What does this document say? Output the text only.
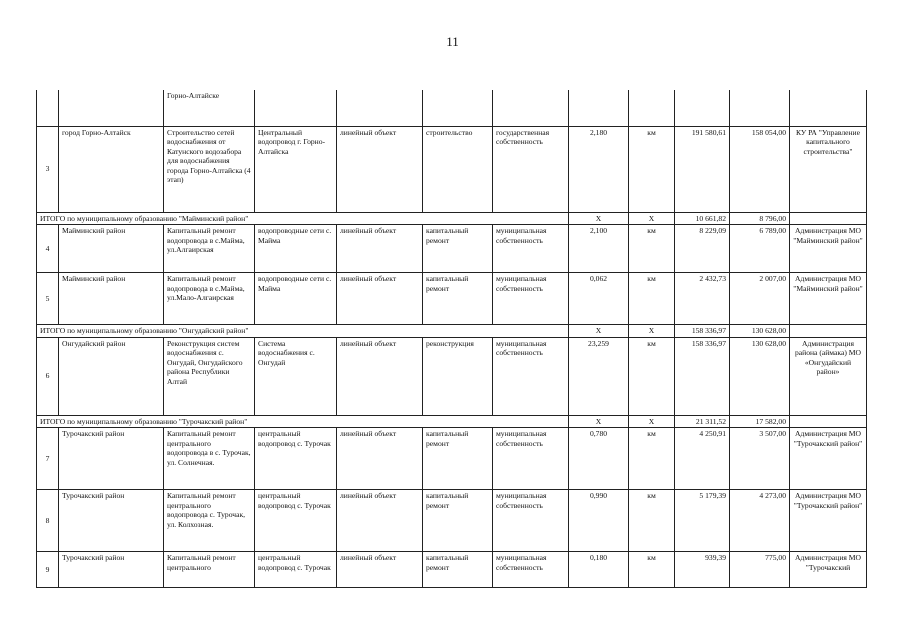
11
		Горно-Алтайске									
3	город Горно-Алтайск	Строительство сетей водоснабжения от Катунского водозабора для водоснабжения города Горно-Алтайска (4 этап)	Центральный водопровод г. Горно-Алтайска	линейный объект	строительство	государственная собственность	2,180	км	191 580,61	158 054,00	КУ РА "Управление капитального строительства"
ИТОГО по муниципальному образованию "Майминский район"							X	X	10 661,82	8 796,00	
4	Майминский район	Капитальный ремонт водопровода в с.Майма, ул.Алгаирская	водопроводные сети с. Майма	линейный объект	капитальный ремонт	муниципальная собственность	2,100	км	8 229,09	6 789,00	Администрация МО "Майминский район"
5	Майминский район	Капитальный ремонт водопровода в с.Майма, ул.Мало-Алгаирская	водопроводные сети с. Майма	линейный объект	капитальный ремонт	муниципальная собственность	0,062	км	2 432,73	2 007,00	Администрация МО "Майминский район"
ИТОГО по муниципальному образованию "Онгудайский район"							X	X	158 336,97	130 628,00	
6	Онгудайский район	Реконструкция систем водоснабжения с. Онгудай, Онгудайского района Республики Алтай	Система водоснабжения с. Онгудай	линейный объект	реконструкция	муниципальная собственность	23,259	км	158 336,97	130 628,00	Администрация района (аймака) МО «Онгудайский район»
ИТОГО по муниципальному образованию "Турочакский район"							X	X	21 311,52	17 582,00	
7	Турочакский район	Капитальный ремонт центрального водопровода в с. Турочак, ул. Солнечная.	центральный водопровод с. Турочак	линейный объект	капитальный ремонт	муниципальная собственность	0,780	км	4 250,91	3 507,00	Администрация МО "Турочакский район"
8	Турочакский район	Капитальный ремонт центрального водопровода с. Турочак, ул. Колхозная.	центральный водопровод с. Турочак	линейный объект	капитальный ремонт	муниципальная собственность	0,990	км	5 179,39	4 273,00	Администрация МО "Турочакский район"
9	Турочакский район	Капитальный ремонт центрального	центральный водопровод с. Турочак	линейный объект	капитальный ремонт	муниципальная собственность	0,180	км	939,39	775,00	Администрация МО "Турочакский
